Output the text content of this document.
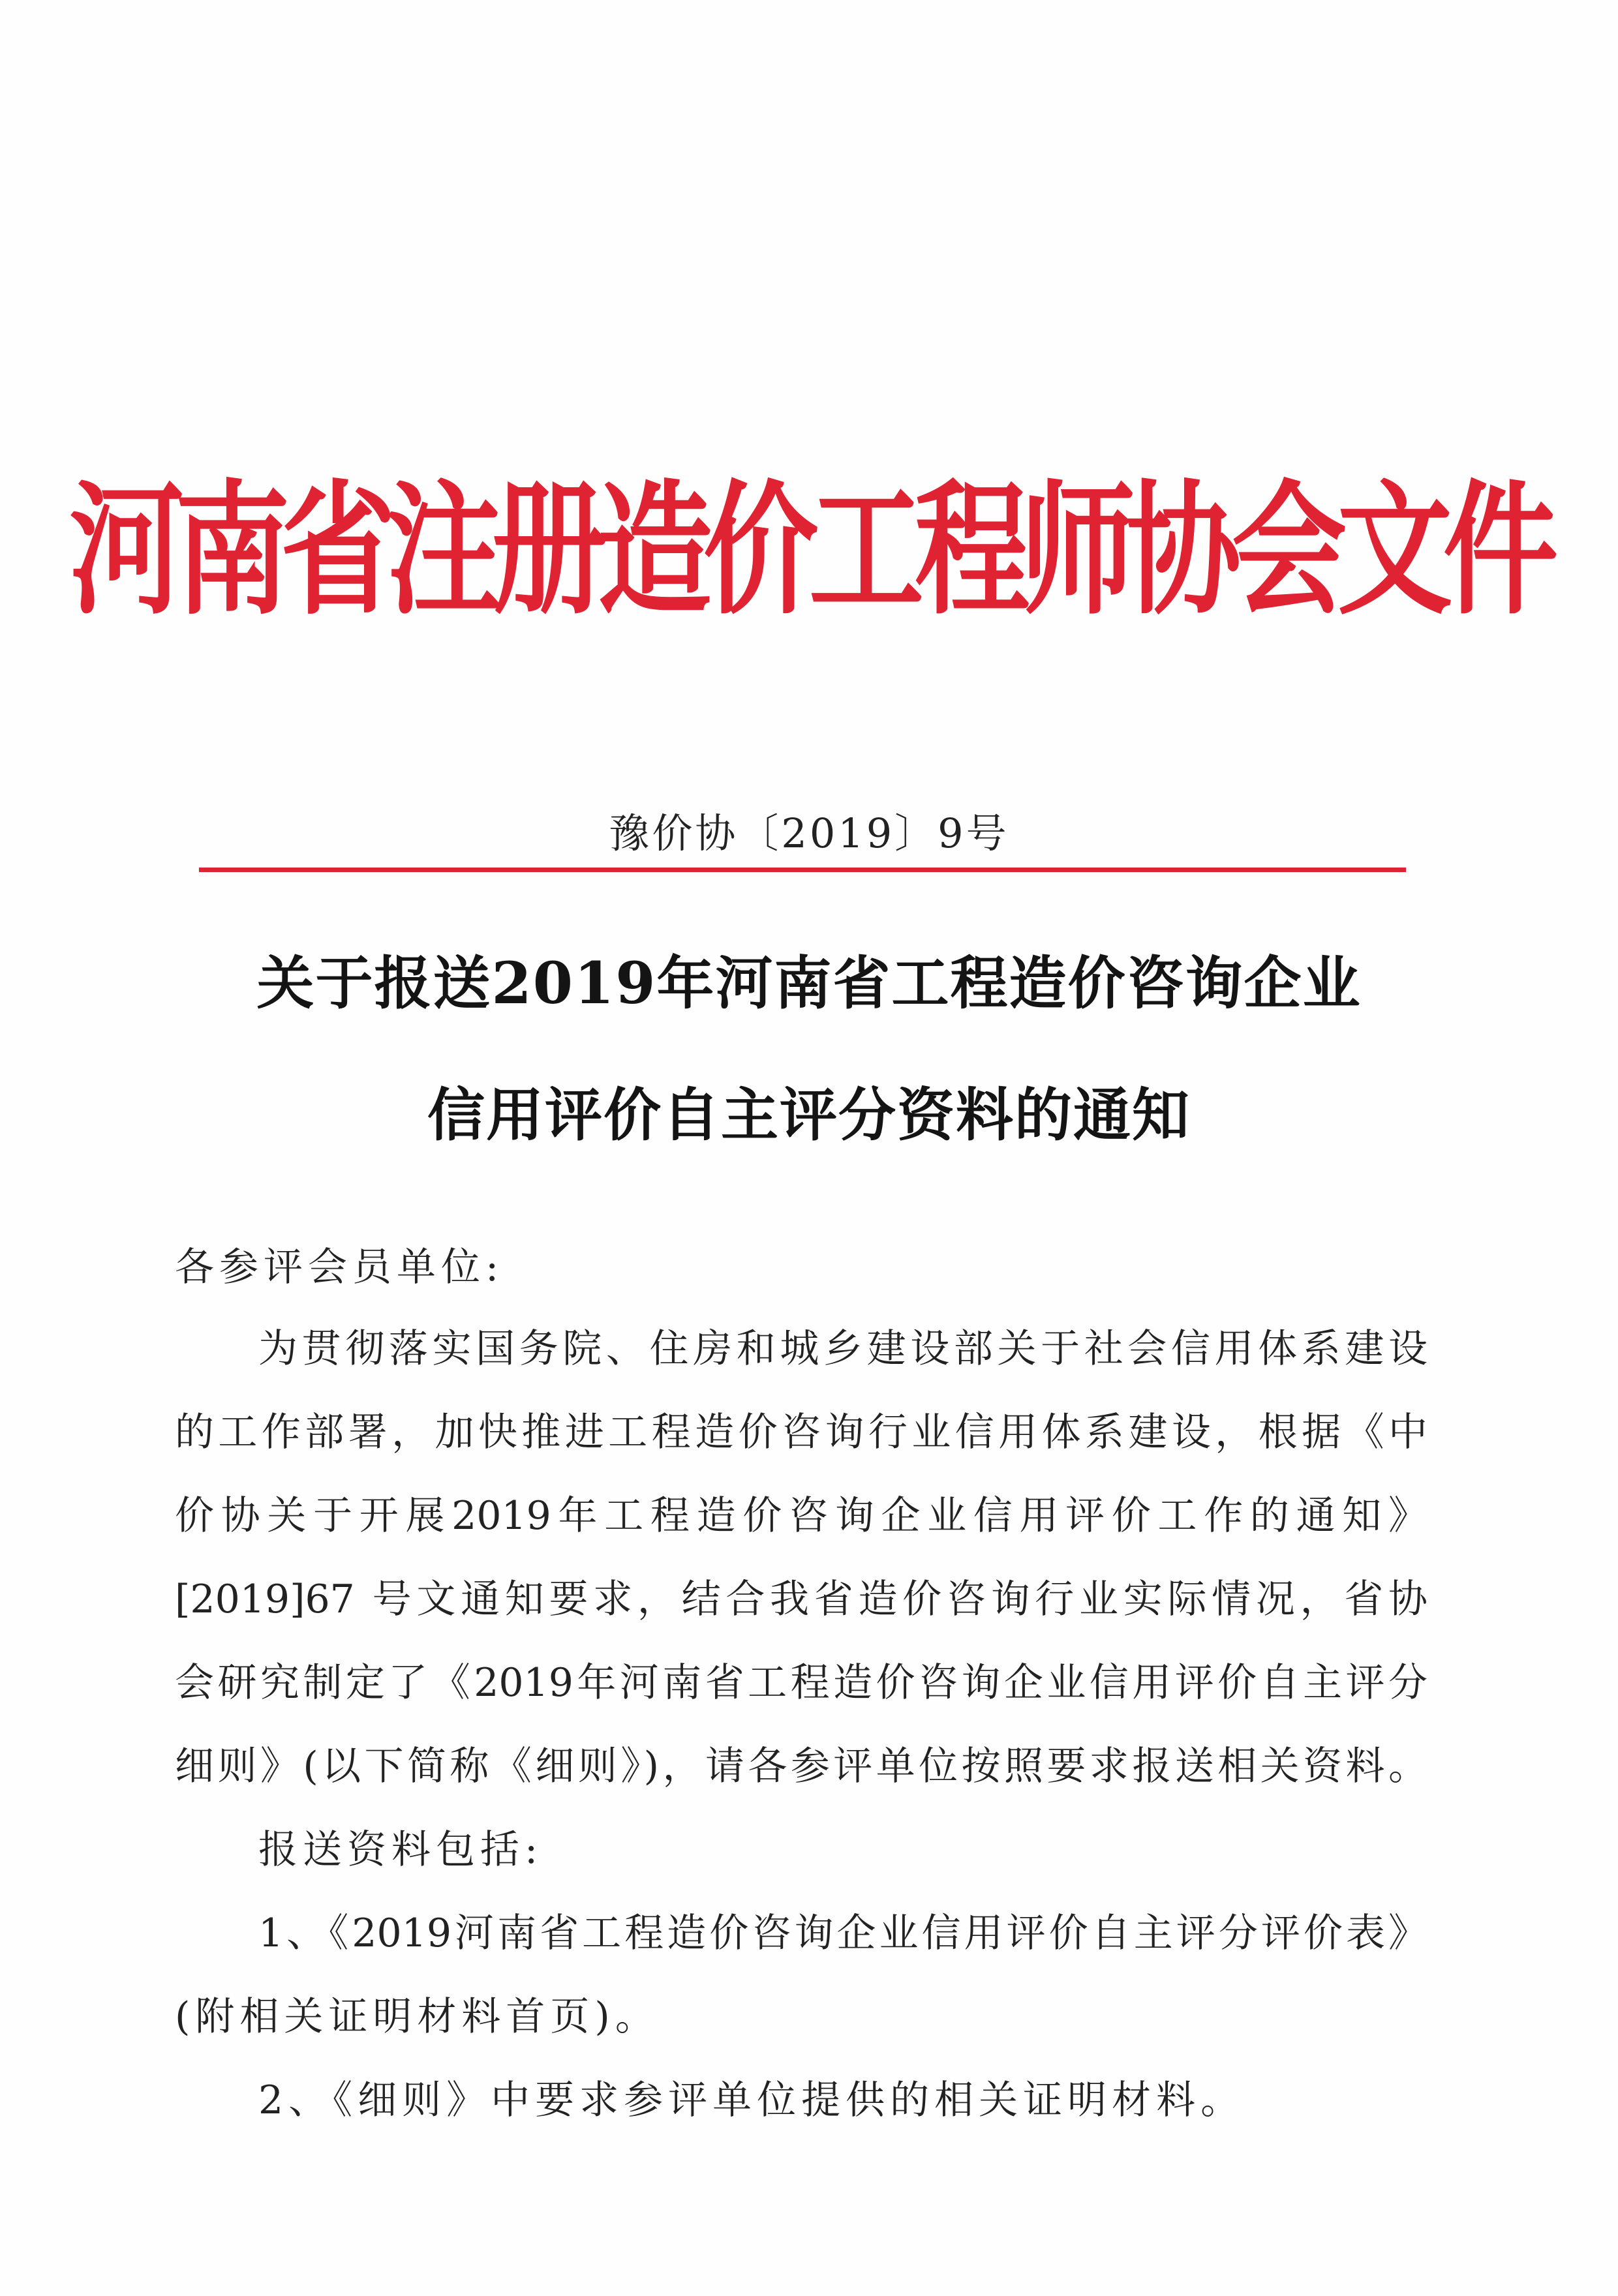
河南省注册造价工程师协会文件
豫价协〔2019〕9号
关于报送2019年河南省工程造价咨询企业
信用评价自主评分资料的通知
各参评会员单位:
为贯彻落实国务院、住房和城乡建设部关于社会信用体系建设
的工作部署，加快推进工程造价咨询行业信用体系建设，根据《中
价协关于开展2019年工程造价咨询企业信用评价工作的通知》
[2019]67 号文通知要求，结合我省造价咨询行业实际情况，省协
会研究制定了《2019年河南省工程造价咨询企业信用评价自主评分
细则》(以下简称《细则》)，请各参评单位按照要求报送相关资料。
报送资料包括:
1、《2019河南省工程造价咨询企业信用评价自主评分评价表》
(附相关证明材料首页)。
2、《细则》中要求参评单位提供的相关证明材料。
